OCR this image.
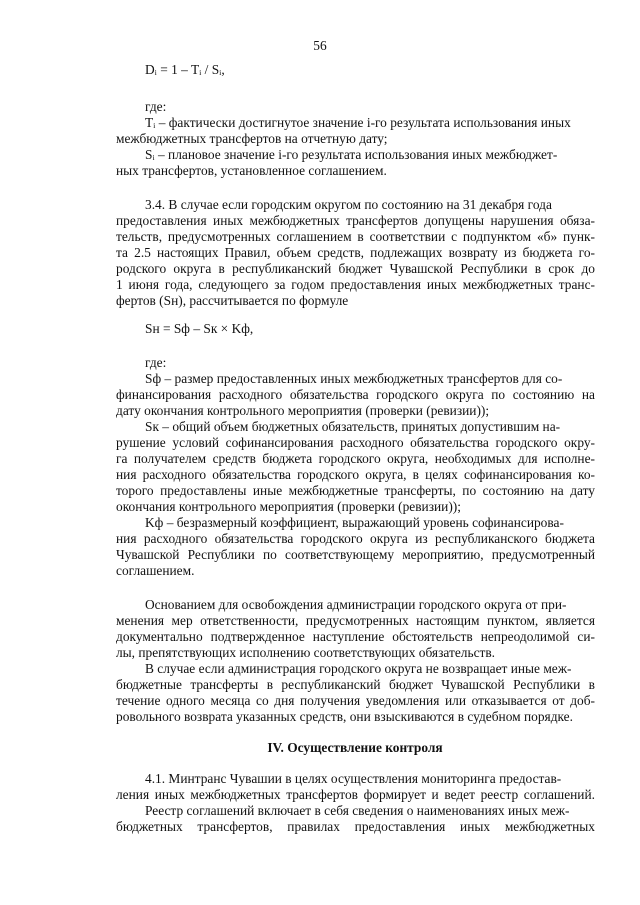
56
Dᵢ = 1 – Tᵢ / Sᵢ,
где:
Tᵢ – фактически достигнутое значение i-го результата использования иных
межбюджетных трансфертов на отчетную дату;
Sᵢ – плановое значение i-го результата использования иных межбюджет-
ных трансфертов, установленное соглашением.
3.4. В случае если городским округом по состоянию на 31 декабря года
предоставления иных межбюджетных трансфертов допущены нарушения обяза-
тельств, предусмотренных соглашением в соответствии с подпунктом «б» пунк-
та 2.5 настоящих Правил, объем средств, подлежащих возврату из бюджета го-
родского округа в республиканский бюджет Чувашской Республики в срок до
1 июня года, следующего за годом предоставления иных межбюджетных транс-
фертов (Sн), рассчитывается по формуле
Sн = Sф – Sк × Kф,
где:
Sф – размер предоставленных иных межбюджетных трансфертов для со-
финансирования расходного обязательства городского округа по состоянию на
дату окончания контрольного мероприятия (проверки (ревизии));
Sк – общий объем бюджетных обязательств, принятых допустившим на-
рушение условий софинансирования расходного обязательства городского окру-
га получателем средств бюджета городского округа, необходимых для исполне-
ния расходного обязательства городского округа, в целях софинансирования ко-
торого предоставлены иные межбюджетные трансферты, по состоянию на дату
окончания контрольного мероприятия (проверки (ревизии));
Kф – безразмерный коэффициент, выражающий уровень софинансирова-
ния расходного обязательства городского округа из республиканского бюджета
Чувашской Республики по соответствующему мероприятию, предусмотренный
соглашением.
Основанием для освобождения администрации городского округа от при-
менения мер ответственности, предусмотренных настоящим пунктом, является
документально подтвержденное наступление обстоятельств непреодолимой си-
лы, препятствующих исполнению соответствующих обязательств.
В случае если администрация городского округа не возвращает иные меж-
бюджетные трансферты в республиканский бюджет Чувашской Республики в
течение одного месяца со дня получения уведомления или отказывается от доб-
ровольного возврата указанных средств, они взыскиваются в судебном порядке.
IV. Осуществление контроля
4.1. Минтранс Чувашии в целях осуществления мониторинга предостав-
ления иных межбюджетных трансфертов формирует и ведет реестр соглашений.
Реестр соглашений включает в себя сведения о наименованиях иных меж-
бюджетных трансфертов, правилах предоставления иных межбюджетных
